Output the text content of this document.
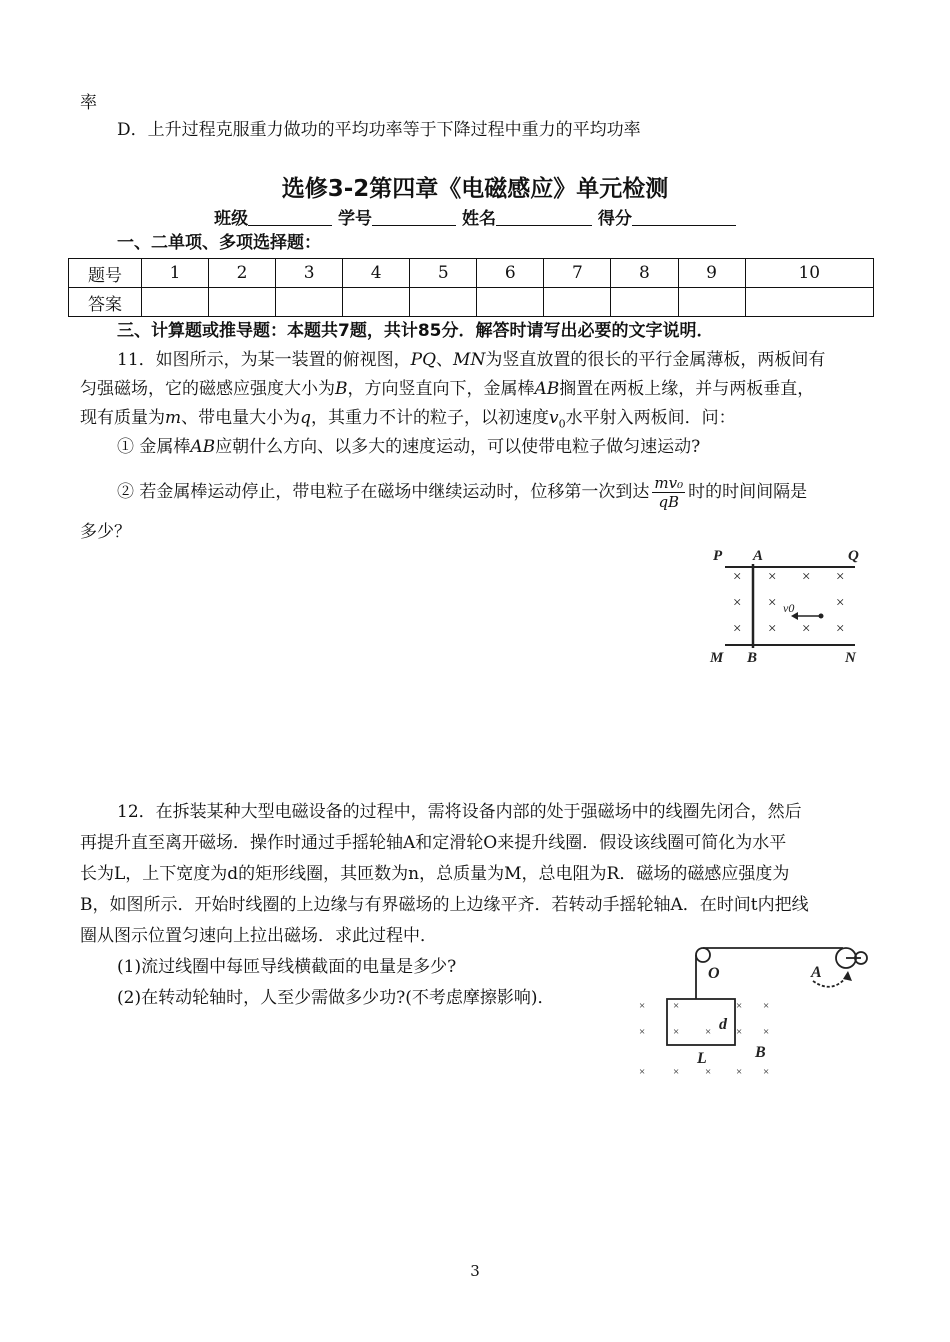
率
D．上升过程克服重力做功的平均功率等于下降过程中重力的平均功率
选修3-2第四章《电磁感应》单元检测
班级	学号	姓名	得分
一、二单项、多项选择题：
题号	1	2	3	4	5	6	7	8	9	10
答案										
三、计算题或推导题：本题共7题，共计85分．解答时请写出必要的文字说明．
11．如图所示，为某一装置的俯视图，PQ、MN为竖直放置的很长的平行金属薄板，两板间有
匀强磁场，它的磁感应强度大小为B，方向竖直向下，金属棒AB搁置在两板上缘，并与两板垂直，
现有质量为m、带电量大小为q，其重力不计的粒子，以初速度$v_0$水平射入两板间．问：
① 金属棒AB应朝什么方向、以多大的速度运动，可以使带电粒子做匀速运动?
② 若金属棒运动停止，带电粒子在磁场中继续运动时，位移第一次到达 $\frac{\text{mv₀}}{qB}$ 时的时间间隔是
多少？
P A	Q
M B	N
× × × ×
× ×	×
× × × ×
v0
12．在拆装某种大型电磁设备的过程中，需将设备内部的处于强磁场中的线圈先闭合，然后
再提升直至离开磁场．操作时通过手摇轮轴A和定滑轮O来提升线圈．假设该线圈可简化为水平
长为L，上下宽度为d的矩形线圈，其匝数为n，总质量为M，总电阻为R．磁场的磁感应强度为
B，如图所示．开始时线圈的上边缘与有界磁场的上边缘平齐．若转动手摇轮轴A．在时间t内把线
圈从图示位置匀速向上拉出磁场．求此过程中．
(1)流过线圈中每匝导线横截面的电量是多少?
(2)在转动轮轴时，人至少需做多少功?(不考虑摩擦影响)．
O	A
d
L	B
×	×	× ×
×	× × × ×
×	× × × ×
3
